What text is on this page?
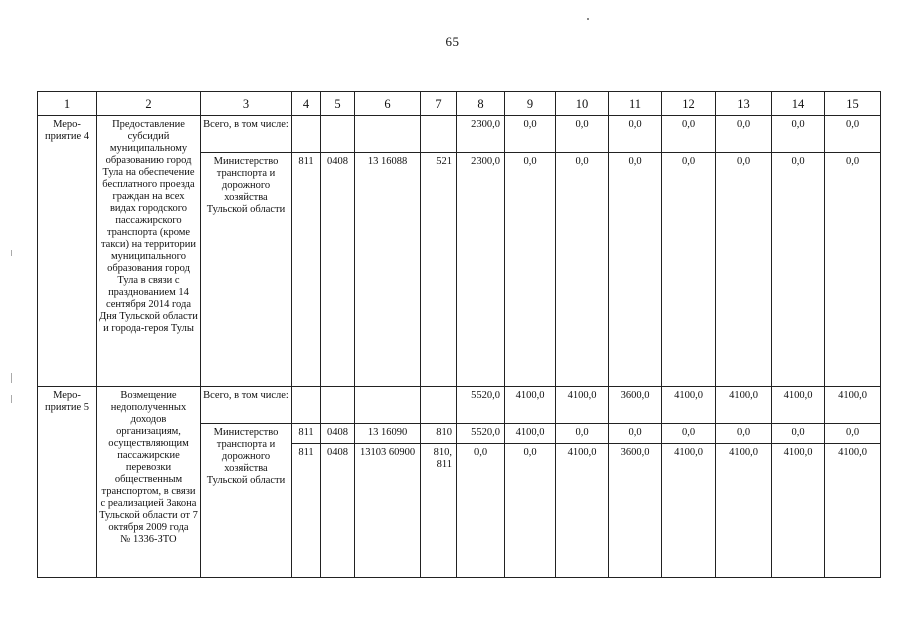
65
1	2	3	4	5	6	7	8	9	10	11	12	13	14	15
Меро-
приятие 4	Предоставление субсидий муниципальному образованию город Тула на обеспечение бесплатного проезда граждан на всех видах городского пассажирского транспорта (кроме такси) на территории муниципального образования город Тула в связи с празднованием 14 сентября 2014 года Дня Тульской области и города-героя Тулы	Всего, в том числе:					2300,0	0,0	0,0	0,0	0,0	0,0	0,0	0,0
		Министерство транспорта и дорожного хозяйства Тульской области	811	0408	13 16088	521	2300,0	0,0	0,0	0,0	0,0	0,0	0,0	0,0
Меро-
приятие 5	Возмещение недополученных доходов организациям, осуществляющим пассажирские перевозки общественным транспортом, в связи с реализацией Закона Тульской области от 7 октября 2009 года
№ 1336-ЗТО	Всего, в том числе:					5520,0	4100,0	4100,0	3600,0	4100,0	4100,0	4100,0	4100,0
		Министерство транспорта и дорожного хозяйства Тульской области	811	0408	13 16090	810	5520,0	4100,0	0,0	0,0	0,0	0,0	0,0	0,0
			811	0408	13103 60900	810,
811	0,0	0,0	4100,0	3600,0	4100,0	4100,0	4100,0	4100,0
